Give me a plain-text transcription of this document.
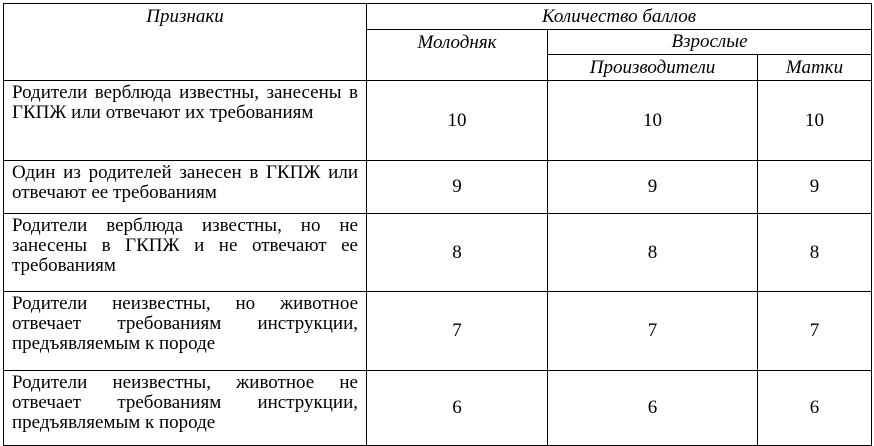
Признаки	Количество баллов		
	Молодняк	Взрослые	
		Производители	Матки
Родители верблюда известны, занесены в ГКПЖ или отвечают их требованиям	10	10	10
Один из родителей занесен в ГКПЖ или отвечают ее требованиям	9	9	9
Родители верблюда известны, но не занесены в ГКПЖ и не отвечают ее требованиям	8	8	8
Родители неизвестны, но животное отвечает требованиям инструкции, предъявляемым к породе	7	7	7
Родители неизвестны, животное не отвечает требованиям инструкции, предъявляемым к породе	6	6	6
